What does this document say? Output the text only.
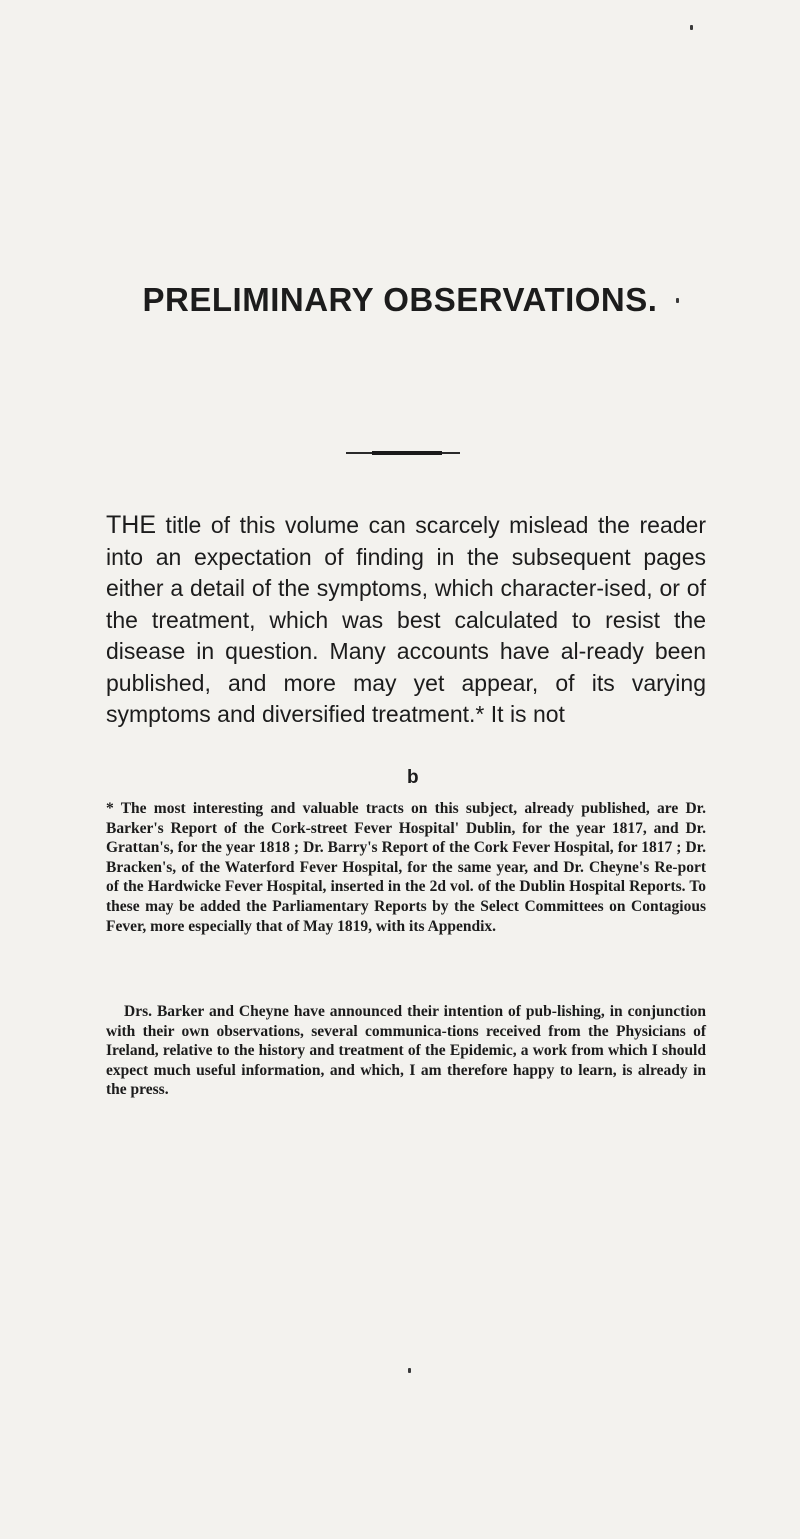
PRELIMINARY OBSERVATIONS.

THE title of this volume can scarcely mislead the reader into an expectation of finding in the subsequent pages either a detail of the symptoms, which character-ised, or of the treatment, which was best calculated to resist the disease in question. Many accounts have al-ready been published, and more may yet appear, of its varying symptoms and diversified treatment.* It is not

b

* The most interesting and valuable tracts on this subject, already published, are Dr. Barker's Report of the Cork-street Fever Hospital' Dublin, for the year 1817, and Dr. Grattan's, for the year 1818 ; Dr. Barry's Report of the Cork Fever Hospital, for 1817 ; Dr. Bracken's, of the Waterford Fever Hospital, for the same year, and Dr. Cheyne's Re-port of the Hardwicke Fever Hospital, inserted in the 2d vol. of the Dublin Hospital Reports. To these may be added the Parliamentary Reports by the Select Committees on Contagious Fever, more especially that of May 1819, with its Appendix.

Drs. Barker and Cheyne have announced their intention of pub-lishing, in conjunction with their own observations, several communica-tions received from the Physicians of Ireland, relative to the history and treatment of the Epidemic, a work from which I should expect much useful information, and which, I am therefore happy to learn, is already in the press.
